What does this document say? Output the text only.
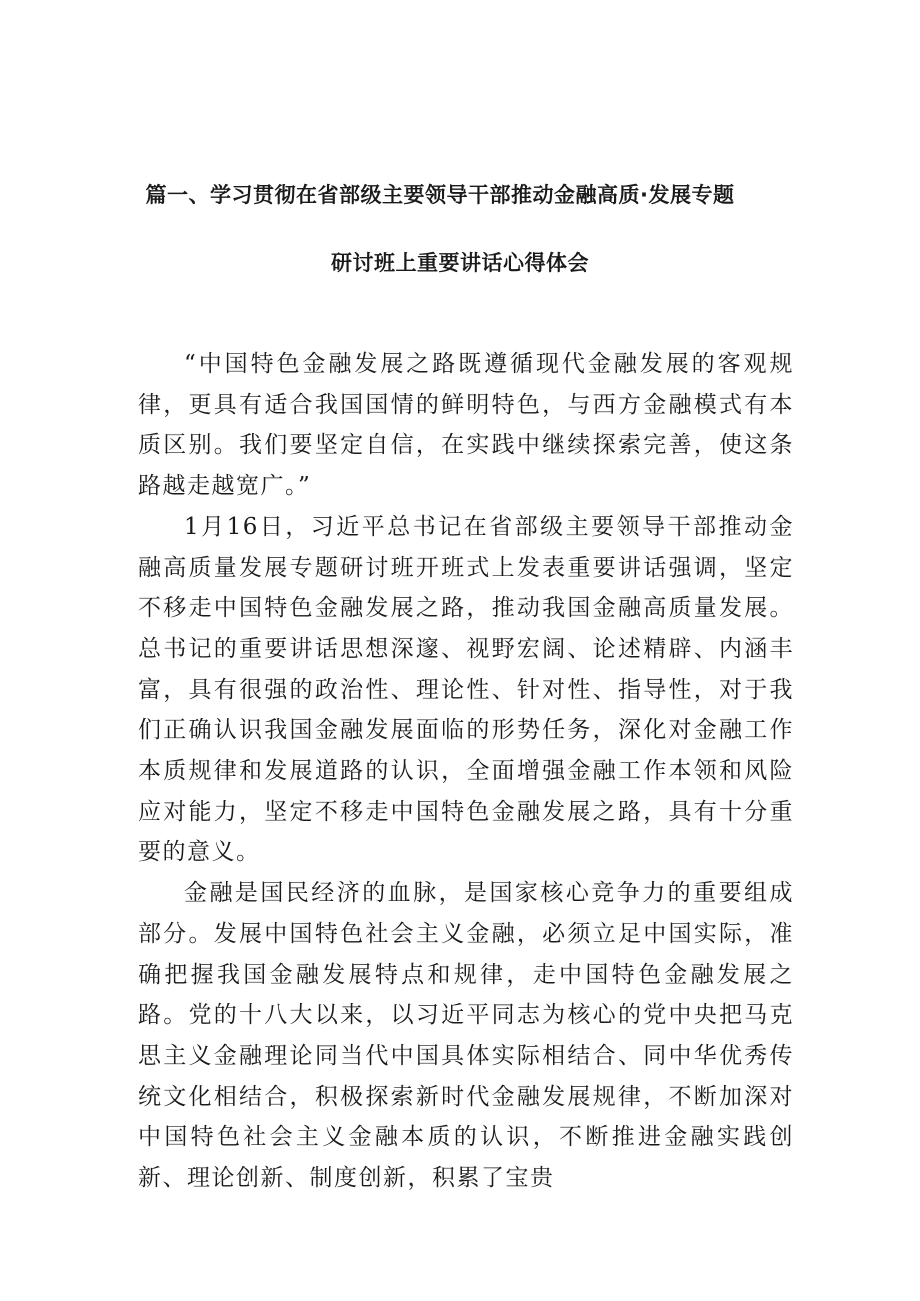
篇一、学习贯彻在省部级主要领导干部推动金融高质·发展专题
研讨班上重要讲话心得体会

“中国特色金融发展之路既遵循现代金融发展的客观规律，更具有适合我国国情的鲜明特色，与西方金融模式有本质区别。我们要坚定自信，在实践中继续探索完善，使这条路越走越宽广。”

1月16日，习近平总书记在省部级主要领导干部推动金融高质量发展专题研讨班开班式上发表重要讲话强调，坚定不移走中国特色金融发展之路，推动我国金融高质量发展。总书记的重要讲话思想深邃、视野宏阔、论述精辟、内涵丰富，具有很强的政治性、理论性、针对性、指导性，对于我们正确认识我国金融发展面临的形势任务，深化对金融工作本质规律和发展道路的认识，全面增强金融工作本领和风险应对能力，坚定不移走中国特色金融发展之路，具有十分重要的意义。

金融是国民经济的血脉，是国家核心竞争力的重要组成部分。发展中国特色社会主义金融，必须立足中国实际，准确把握我国金融发展特点和规律，走中国特色金融发展之路。党的十八大以来，以习近平同志为核心的党中央把马克思主义金融理论同当代中国具体实际相结合、同中华优秀传统文化相结合，积极探索新时代金融发展规律，不断加深对中国特色社会主义金融本质的认识，不断推进金融实践创新、理论创新、制度创新，积累了宝贵
